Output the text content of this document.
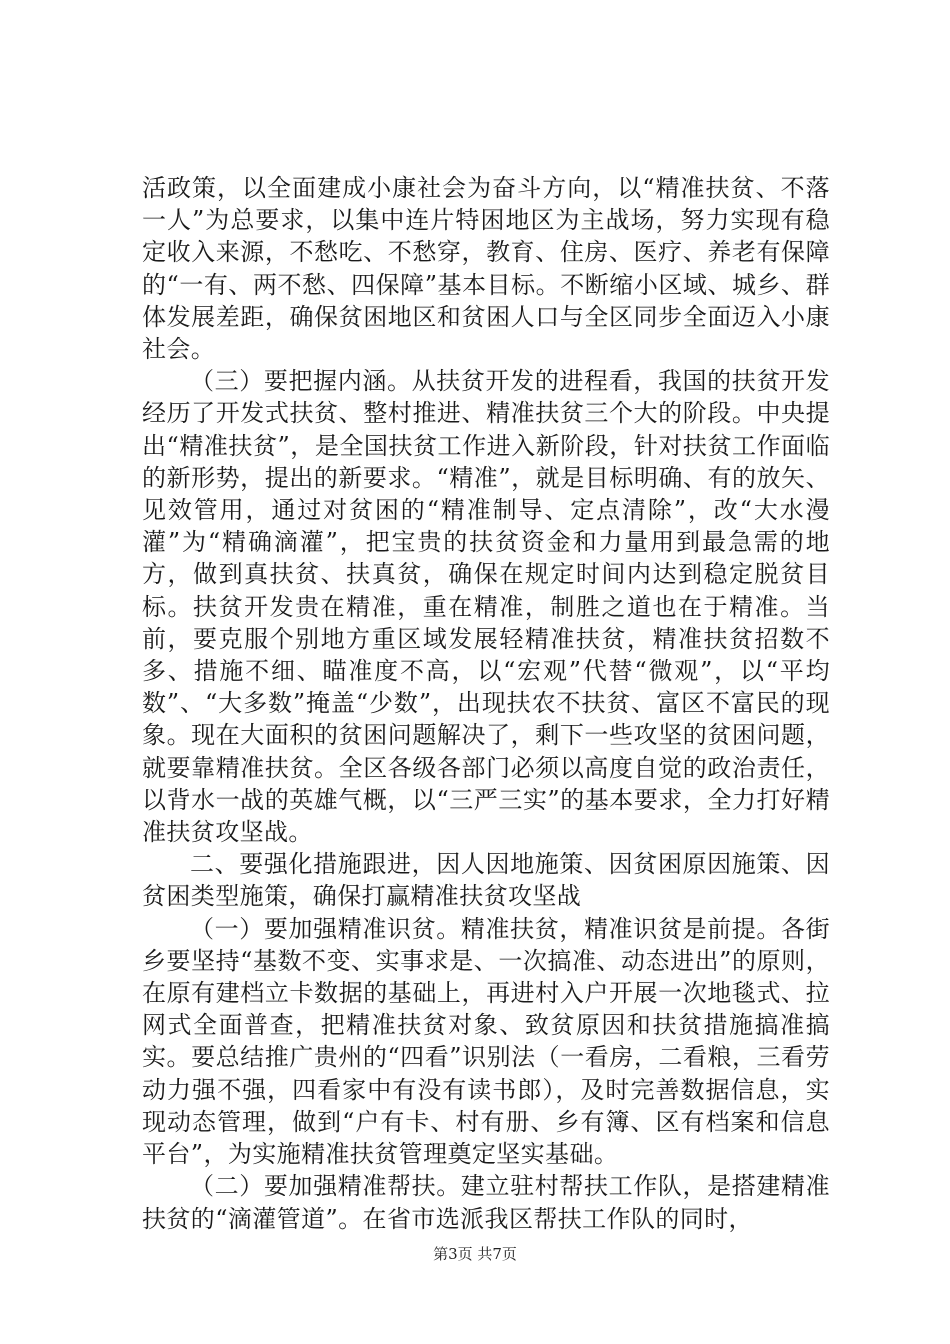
活政策，以全面建成小康社会为奋斗方向，以“精准扶贫、不落一人”为总要求，以集中连片特困地区为主战场，努力实现有稳定收入来源，不愁吃、不愁穿，教育、住房、医疗、养老有保障的“一有、两不愁、四保障”基本目标。不断缩小区域、城乡、群体发展差距，确保贫困地区和贫困人口与全区同步全面迈入小康社会。

（三）要把握内涵。从扶贫开发的进程看，我国的扶贫开发经历了开发式扶贫、整村推进、精准扶贫三个大的阶段。中央提出“精准扶贫”，是全国扶贫工作进入新阶段，针对扶贫工作面临的新形势，提出的新要求。“精准”，就是目标明确、有的放矢、见效管用，通过对贫困的“精准制导、定点清除”，改“大水漫灌”为“精确滴灌”，把宝贵的扶贫资金和力量用到最急需的地方，做到真扶贫、扶真贫，确保在规定时间内达到稳定脱贫目标。扶贫开发贵在精准，重在精准，制胜之道也在于精准。当前，要克服个别地方重区域发展轻精准扶贫，精准扶贫招数不多、措施不细、瞄准度不高，以“宏观”代替“微观”，以“平均数”、“大多数”掩盖“少数”，出现扶农不扶贫、富区不富民的现象。现在大面积的贫困问题解决了，剩下一些攻坚的贫困问题，就要靠精准扶贫。全区各级各部门必须以高度自觉的政治责任，以背水一战的英雄气概，以“三严三实”的基本要求，全力打好精准扶贫攻坚战。

二、要强化措施跟进，因人因地施策、因贫困原因施策、因贫困类型施策，确保打赢精准扶贫攻坚战

（一）要加强精准识贫。精准扶贫，精准识贫是前提。各街乡要坚持“基数不变、实事求是、一次搞准、动态进出”的原则，在原有建档立卡数据的基础上，再进村入户开展一次地毯式、拉网式全面普查，把精准扶贫对象、致贫原因和扶贫措施搞准搞实。要总结推广贵州的“四看”识别法（一看房，二看粮，三看劳动力强不强，四看家中有没有读书郎），及时完善数据信息，实现动态管理，做到“户有卡、村有册、乡有簿、区有档案和信息平台”，为实施精准扶贫管理奠定坚实基础。

（二）要加强精准帮扶。建立驻村帮扶工作队，是搭建精准扶贫的“滴灌管道”。在省市选派我区帮扶工作队的同时，

第3页 共7页
